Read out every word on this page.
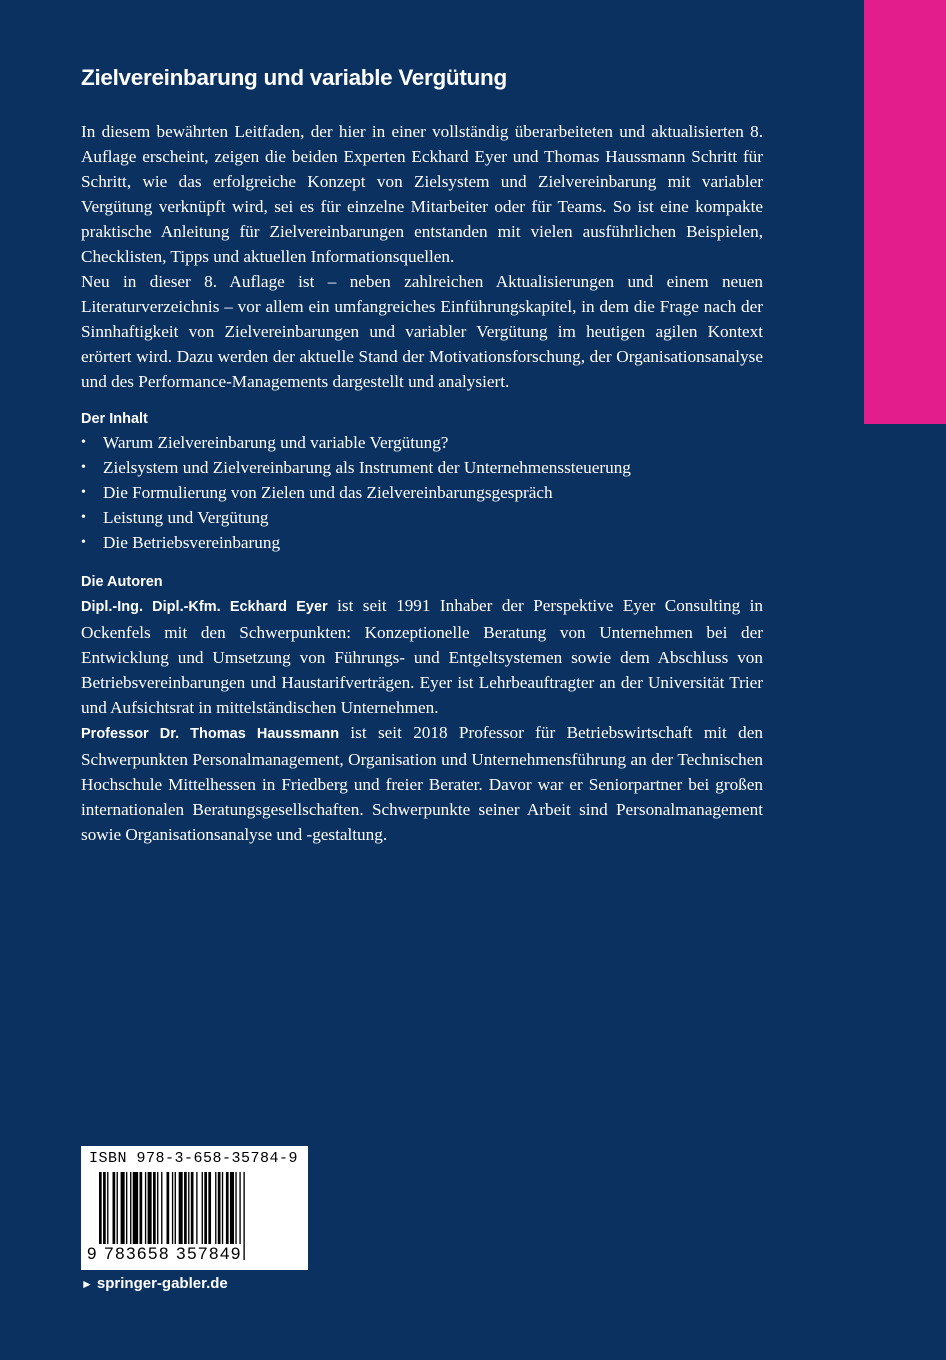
Zielvereinbarung und variable Vergütung

In diesem bewährten Leitfaden, der hier in einer vollständig überarbeiteten und aktualisierten 8. Auflage erscheint, zeigen die beiden Experten Eckhard Eyer und Thomas Haussmann Schritt für Schritt, wie das erfolgreiche Konzept von Zielsystem und Zielvereinbarung mit variabler Vergütung verknüpft wird, sei es für einzelne Mitarbeiter oder für Teams. So ist eine kompakte praktische Anleitung für Zielvereinbarungen entstanden mit vielen ausführlichen Beispielen, Checklisten, Tipps und aktuellen Informationsquellen.

Neu in dieser 8. Auflage ist – neben zahlreichen Aktualisierungen und einem neuen Literaturverzeichnis – vor allem ein umfangreiches Einführungskapitel, in dem die Frage nach der Sinnhaftigkeit von Zielvereinbarungen und variabler Vergütung im heutigen agilen Kontext erörtert wird. Dazu werden der aktuelle Stand der Motivationsforschung, der Organisationsanalyse und des Performance-Managements dargestellt und analysiert.

Der Inhalt

• Warum Zielvereinbarung und variable Vergütung?
• Zielsystem und Zielvereinbarung als Instrument der Unternehmenssteuerung
• Die Formulierung von Zielen und das Zielvereinbarungsgespräch
• Leistung und Vergütung
• Die Betriebsvereinbarung

Die Autoren

Dipl.-Ing. Dipl.-Kfm. Eckhard Eyer ist seit 1991 Inhaber der Perspektive Eyer Consulting in Ockenfels mit den Schwerpunkten: Konzeptionelle Beratung von Unternehmen bei der Entwicklung und Umsetzung von Führungs- und Entgeltsystemen sowie dem Abschluss von Betriebsvereinbarungen und Haustarifverträgen. Eyer ist Lehrbeauftragter an der Universität Trier und Aufsichtsrat in mittelständischen Unternehmen.

Professor Dr. Thomas Haussmann ist seit 2018 Professor für Betriebswirtschaft mit den Schwerpunkten Personalmanagement, Organisation und Unternehmensführung an der Technischen Hochschule Mittelhessen in Friedberg und freier Berater. Davor war er Seniorpartner bei großen internationalen Beratungsgesellschaften. Schwerpunkte seiner Arbeit sind Personalmanagement sowie Organisationsanalyse und -gestaltung.

ISBN 978-3-658-35784-9
9 783658 357849
► springer-gabler.de
